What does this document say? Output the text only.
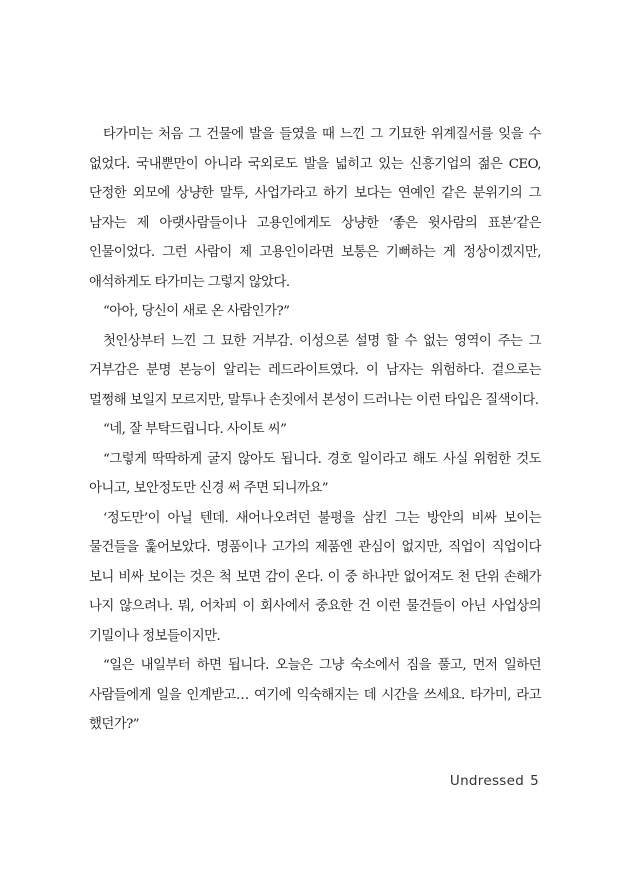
타가미는 처음 그 건물에 발을 들였을 때 느낀 그 기묘한 위계질서를 잊을 수 없었다. 국내뿐만이 아니라 국외로도 발을 넓히고 있는 신흥기업의 젊은 CEO, 단정한 외모에 상냥한 말투, 사업가라고 하기 보다는 연예인 같은 분위기의 그 남자는 제 아랫사람들이나 고용인에게도 상냥한 ‘좋은 윗사람의 표본’같은 인물이었다. 그런 사람이 제 고용인이라면 보통은 기뻐하는 게 정상이겠지만, 애석하게도 타가미는 그렇지 않았다.

“아아, 당신이 새로 온 사람인가?”

첫인상부터 느낀 그 묘한 거부감. 이성으론 설명 할 수 없는 영역이 주는 그 거부감은 분명 본능이 알리는 레드라이트였다. 이 남자는 위험하다. 겉으로는 멀쩡해 보일지 모르지만, 말투나 손짓에서 본성이 드러나는 이런 타입은 질색이다.

“네, 잘 부탁드립니다. 사이토 씨”

“그렇게 딱딱하게 굴지 않아도 됩니다. 경호 일이라고 해도 사실 위험한 것도 아니고, 보안정도만 신경 써 주면 되니까요”

‘정도만’이 아닐 텐데. 새어나오려던 불평을 삼킨 그는 방안의 비싸 보이는 물건들을 훑어보았다. 명품이나 고가의 제품엔 관심이 없지만, 직업이 직업이다 보니 비싸 보이는 것은 척 보면 감이 온다. 이 중 하나만 없어져도 천 단위 손해가 나지 않으려나. 뭐, 어차피 이 회사에서 중요한 건 이런 물건들이 아닌 사업상의 기밀이나 정보들이지만.

“일은 내일부터 하면 됩니다. 오늘은 그냥 숙소에서 짐을 풀고, 먼저 일하던 사람들에게 일을 인계받고… 여기에 익숙해지는 데 시간을 쓰세요. 타가미, 라고 했던가?”

Undressed 5
